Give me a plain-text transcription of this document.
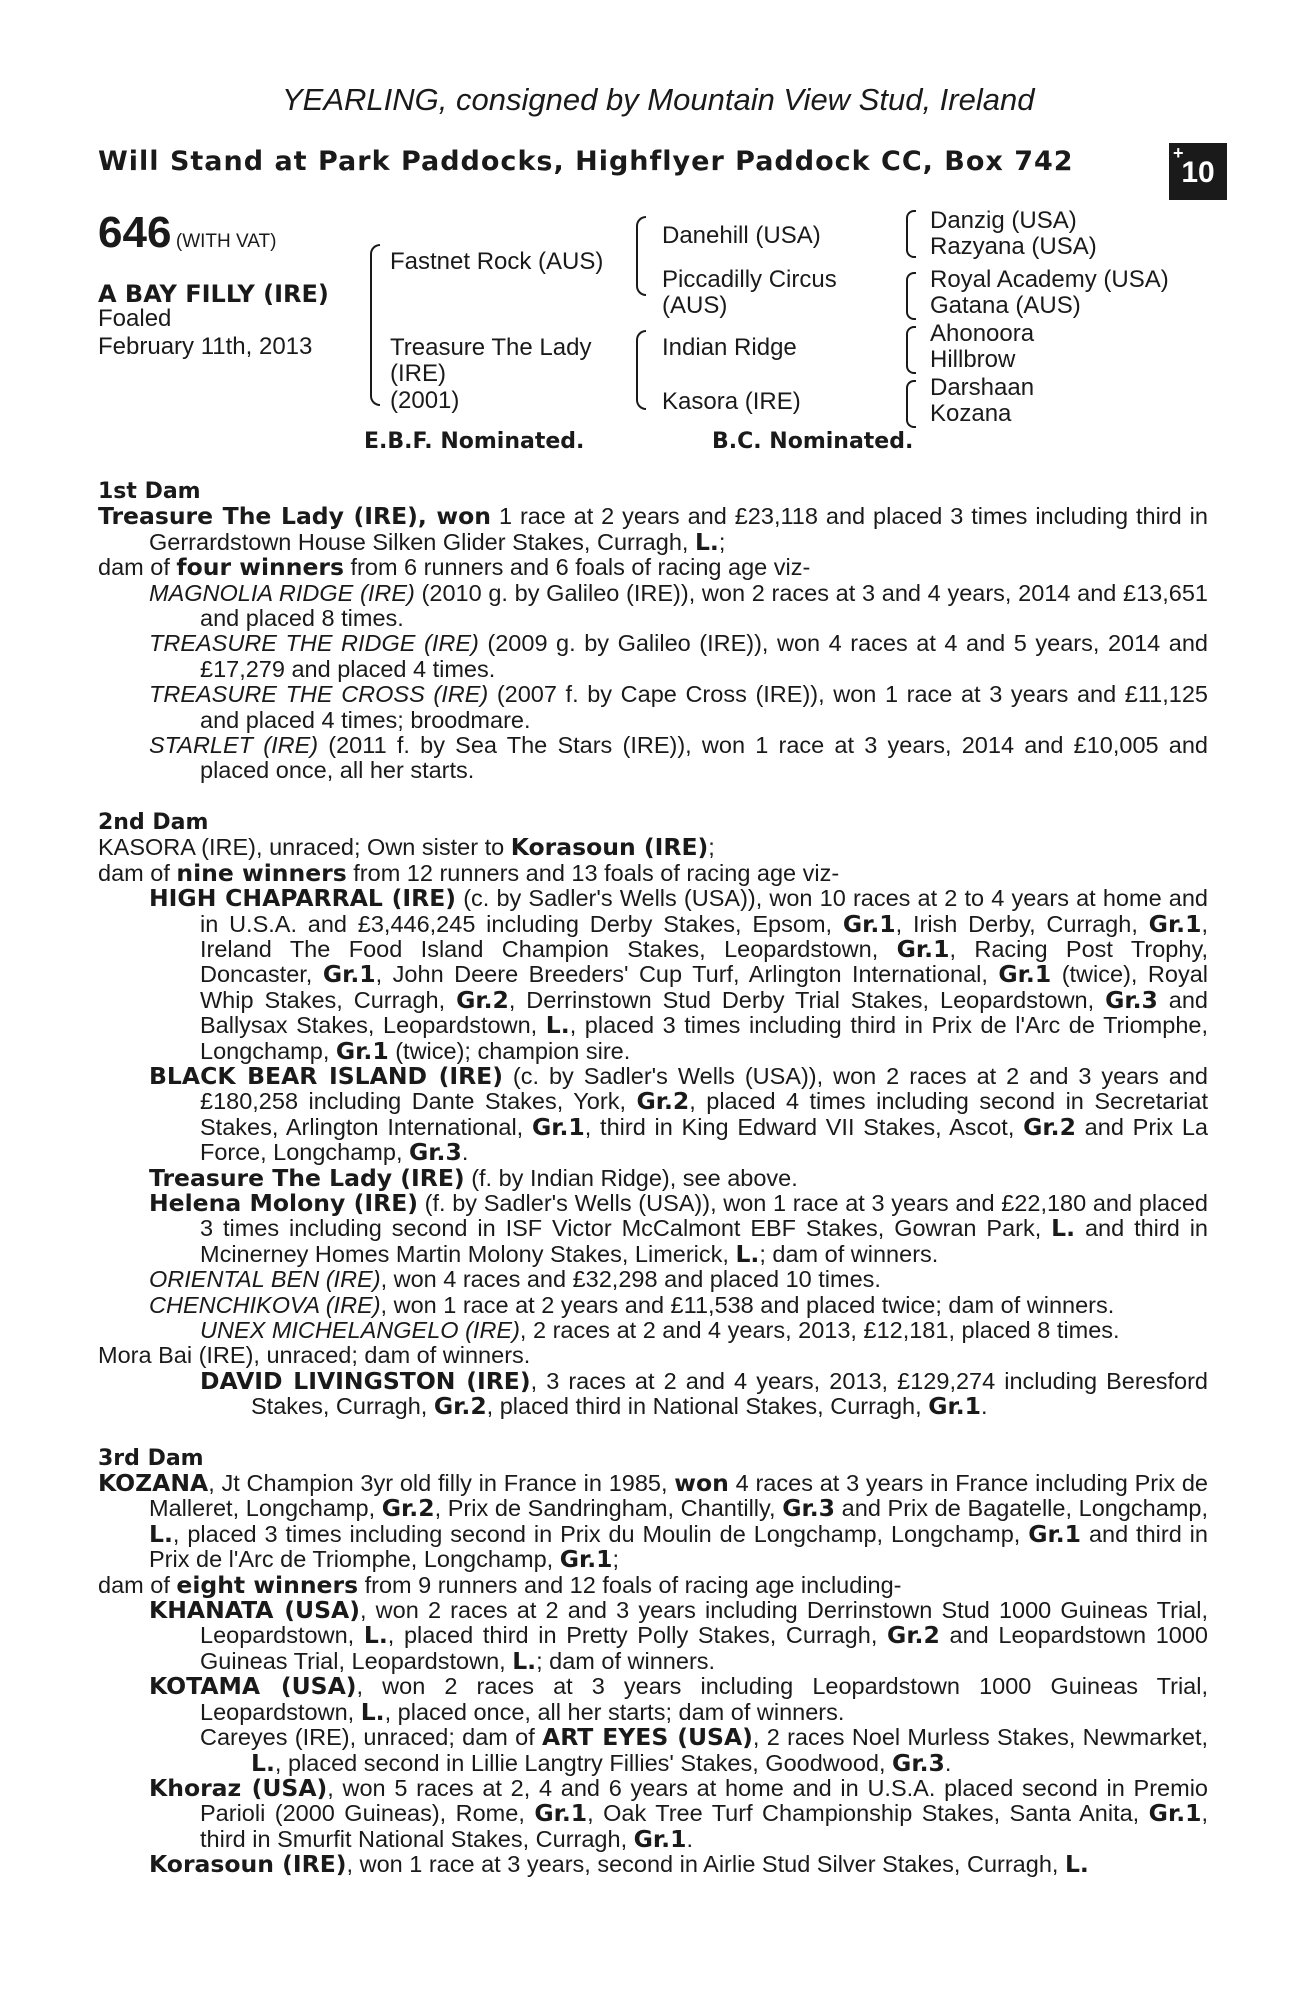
YEARLING, consigned by Mountain View Stud, Ireland
Will Stand at Park Paddocks, Highflyer Paddock CC, Box 742	+
10
646 (WITH VAT)
A BAY FILLY (IRE)
Foaled
February 11th, 2013
Fastnet Rock (AUS)
Treasure The Lady
(IRE)
(2001)
Danehill (USA)
Piccadilly Circus
(AUS)
Indian Ridge
Kasora (IRE)
Danzig (USA)
Razyana (USA)
Royal Academy (USA)
Gatana (AUS)
Ahonoora
Hillbrow
Darshaan
Kozana
E.B.F. Nominated.	B.C. Nominated.

1st Dam

Treasure The Lady (IRE), won 1 race at 2 years and £23,118 and placed 3 times including third in Gerrardstown House Silken Glider Stakes, Curragh, L.;

dam of four winners from 6 runners and 6 foals of racing age viz-

MAGNOLIA RIDGE (IRE) (2010 g. by Galileo (IRE)), won 2 races at 3 and 4 years, 2014 and £13,651 and placed 8 times.

TREASURE THE RIDGE (IRE) (2009 g. by Galileo (IRE)), won 4 races at 4 and 5 years, 2014 and £17,279 and placed 4 times.

TREASURE THE CROSS (IRE) (2007 f. by Cape Cross (IRE)), won 1 race at 3 years and £11,125 and placed 4 times; broodmare.

STARLET (IRE) (2011 f. by Sea The Stars (IRE)), won 1 race at 3 years, 2014 and £10,005 and placed once, all her starts.

2nd Dam

KASORA (IRE), unraced; Own sister to Korasoun (IRE);

dam of nine winners from 12 runners and 13 foals of racing age viz-

HIGH CHAPARRAL (IRE) (c. by Sadler's Wells (USA)), won 10 races at 2 to 4 years at home and in U.S.A. and £3,446,245 including Derby Stakes, Epsom, Gr.1, Irish Derby, Curragh, Gr.1, Ireland The Food Island Champion Stakes, Leopardstown, Gr.1, Racing Post Trophy, Doncaster, Gr.1, John Deere Breeders' Cup Turf, Arlington International, Gr.1 (twice), Royal Whip Stakes, Curragh, Gr.2, Derrinstown Stud Derby Trial Stakes, Leopardstown, Gr.3 and Ballysax Stakes, Leopardstown, L., placed 3 times including third in Prix de l'Arc de Triomphe, Longchamp, Gr.1 (twice); champion sire.

BLACK BEAR ISLAND (IRE) (c. by Sadler's Wells (USA)), won 2 races at 2 and 3 years and £180,258 including Dante Stakes, York, Gr.2, placed 4 times including second in Secretariat Stakes, Arlington International, Gr.1, third in King Edward VII Stakes, Ascot, Gr.2 and Prix La Force, Longchamp, Gr.3.

Treasure The Lady (IRE) (f. by Indian Ridge), see above.

Helena Molony (IRE) (f. by Sadler's Wells (USA)), won 1 race at 3 years and £22,180 and placed 3 times including second in ISF Victor McCalmont EBF Stakes, Gowran Park, L. and third in Mcinerney Homes Martin Molony Stakes, Limerick, L.; dam of winners.

ORIENTAL BEN (IRE), won 4 races and £32,298 and placed 10 times.

CHENCHIKOVA (IRE), won 1 race at 2 years and £11,538 and placed twice; dam of winners.

UNEX MICHELANGELO (IRE), 2 races at 2 and 4 years, 2013, £12,181, placed 8 times.

Mora Bai (IRE), unraced; dam of winners.

DAVID LIVINGSTON (IRE), 3 races at 2 and 4 years, 2013, £129,274 including Beresford Stakes, Curragh, Gr.2, placed third in National Stakes, Curragh, Gr.1.

3rd Dam

KOZANA, Jt Champion 3yr old filly in France in 1985, won 4 races at 3 years in France including Prix de Malleret, Longchamp, Gr.2, Prix de Sandringham, Chantilly, Gr.3 and Prix de Bagatelle, Longchamp, L., placed 3 times including second in Prix du Moulin de Longchamp, Longchamp, Gr.1 and third in Prix de l'Arc de Triomphe, Longchamp, Gr.1;

dam of eight winners from 9 runners and 12 foals of racing age including-

KHANATA (USA), won 2 races at 2 and 3 years including Derrinstown Stud 1000 Guineas Trial, Leopardstown, L., placed third in Pretty Polly Stakes, Curragh, Gr.2 and Leopardstown 1000 Guineas Trial, Leopardstown, L.; dam of winners.

KOTAMA (USA), won 2 races at 3 years including Leopardstown 1000 Guineas Trial, Leopardstown, L., placed once, all her starts; dam of winners.

Careyes (IRE), unraced; dam of ART EYES (USA), 2 races Noel Murless Stakes, Newmarket, L., placed second in Lillie Langtry Fillies' Stakes, Goodwood, Gr.3.

Khoraz (USA), won 5 races at 2, 4 and 6 years at home and in U.S.A. placed second in Premio Parioli (2000 Guineas), Rome, Gr.1, Oak Tree Turf Championship Stakes, Santa Anita, Gr.1, third in Smurfit National Stakes, Curragh, Gr.1.

Korasoun (IRE), won 1 race at 3 years, second in Airlie Stud Silver Stakes, Curragh, L.
